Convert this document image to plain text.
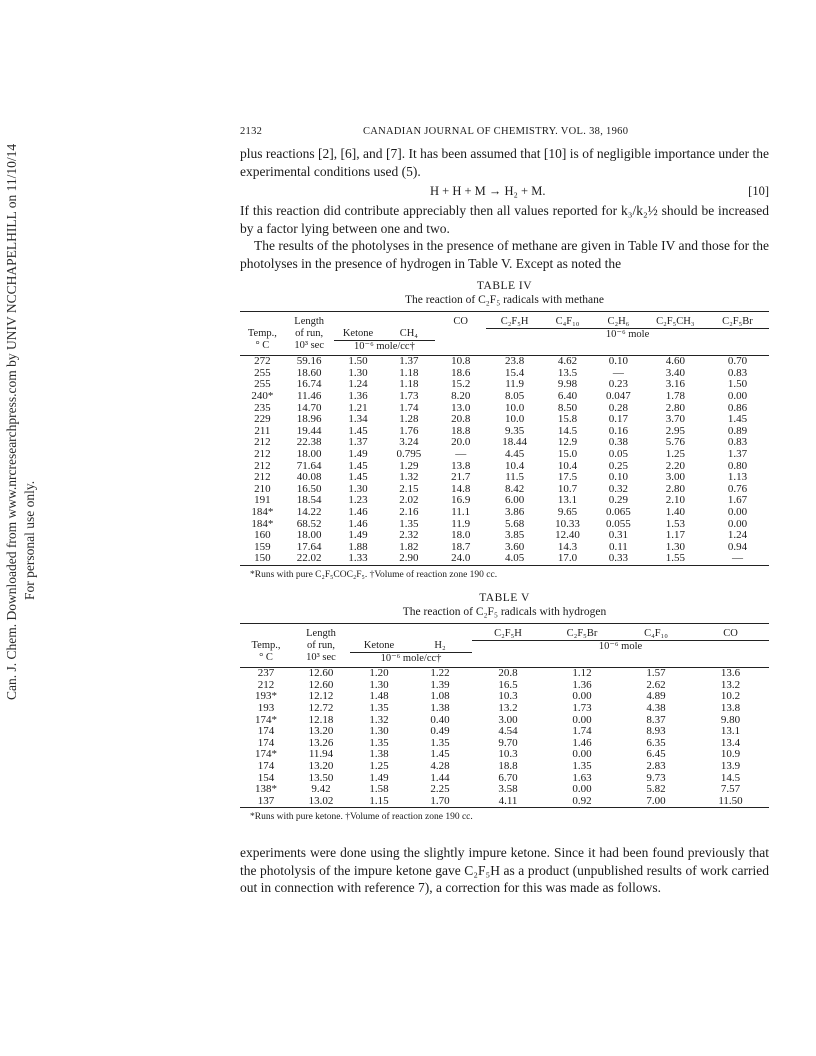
Can. J. Chem. Downloaded from www.nrcresearchpress.com by UNIV NCCHAPELHILL on 11/10/14 For personal use only.
2132	CANADIAN JOURNAL OF CHEMISTRY. VOL. 38, 1960

plus reactions [2], [6], and [7]. It has been assumed that [10] is of negligible importance under the experimental conditions used (5).

H + H + M → H₂ + M.	[10]

If this reaction did contribute appreciably then all values reported for k₃/k₂½ should be increased by a factor lying between one and two.

The results of the photolyses in the presence of methane are given in Table IV and those for the photolyses in the presence of hydrogen in Table V. Except as noted the

TABLE IV
The reaction of C₂F₅ radicals with methane
	Length			CO	C₂F₅H	C₄F₁₀	C₂H₆	C₂F₅CH₃	C₂F₅Br
Temp.,	of run,	Ketone	CH₄		10⁻⁶ mole				
° C	10³ sec	10⁻⁶ mole/cc†							
272	59.16	1.50	1.37	10.8	23.8	4.62	0.10	4.60	0.70
255	18.60	1.30	1.18	18.6	15.4	13.5	—	3.40	0.83
255	16.74	1.24	1.18	15.2	11.9	9.98	0.23	3.16	1.50
240*	11.46	1.36	1.73	8.20	8.05	6.40	0.047	1.78	0.00
235	14.70	1.21	1.74	13.0	10.0	8.50	0.28	2.80	0.86
229	18.96	1.34	1.28	20.8	10.0	15.8	0.17	3.70	1.45
211	19.44	1.45	1.76	18.8	9.35	14.5	0.16	2.95	0.89
212	22.38	1.37	3.24	20.0	18.44	12.9	0.38	5.76	0.83
212	18.00	1.49	0.795	—	4.45	15.0	0.05	1.25	1.37
212	71.64	1.45	1.29	13.8	10.4	10.4	0.25	2.20	0.80
212	40.08	1.45	1.32	21.7	11.5	17.5	0.10	3.00	1.13
210	16.50	1.30	2.15	14.8	8.42	10.7	0.32	2.80	0.76
191	18.54	1.23	2.02	16.9	6.00	13.1	0.29	2.10	1.67
184*	14.22	1.46	2.16	11.1	3.86	9.65	0.065	1.40	0.00
184*	68.52	1.46	1.35	11.9	5.68	10.33	0.055	1.53	0.00
160	18.00	1.49	2.32	18.0	3.85	12.40	0.31	1.17	1.24
159	17.64	1.88	1.82	18.7	3.60	14.3	0.11	1.30	0.94
150	22.02	1.33	2.90	24.0	4.05	17.0	0.33	1.55	—
*Runs with pure C₂F₅COC₂F₅. †Volume of reaction zone 190 cc.
TABLE V
The reaction of C₂F₅ radicals with hydrogen
	Length			C₂F₅H	C₂F₅Br	C₄F₁₀	CO
Temp.,	of run,	Ketone	H₂	10⁻⁶ mole			
° C	10³ sec	10⁻⁶ mole/cc†					
237	12.60	1.20	1.22	20.8	1.12	1.57	13.6
212	12.60	1.30	1.39	16.5	1.36	2.62	13.2
193*	12.12	1.48	1.08	10.3	0.00	4.89	10.2
193	12.72	1.35	1.38	13.2	1.73	4.38	13.8
174*	12.18	1.32	0.40	3.00	0.00	8.37	9.80
174	13.20	1.30	0.49	4.54	1.74	8.93	13.1
174	13.26	1.35	1.35	9.70	1.46	6.35	13.4
174*	11.94	1.38	1.45	10.3	0.00	6.45	10.9
174	13.20	1.25	4.28	18.8	1.35	2.83	13.9
154	13.50	1.49	1.44	6.70	1.63	9.73	14.5
138*	9.42	1.58	2.25	3.58	0.00	5.82	7.57
137	13.02	1.15	1.70	4.11	0.92	7.00	11.50
*Runs with pure ketone. †Volume of reaction zone 190 cc.

experiments were done using the slightly impure ketone. Since it had been found previously that the photolysis of the impure ketone gave C₂F₅H as a product (unpublished results of work carried out in connection with reference 7), a correction for this was made as follows.
